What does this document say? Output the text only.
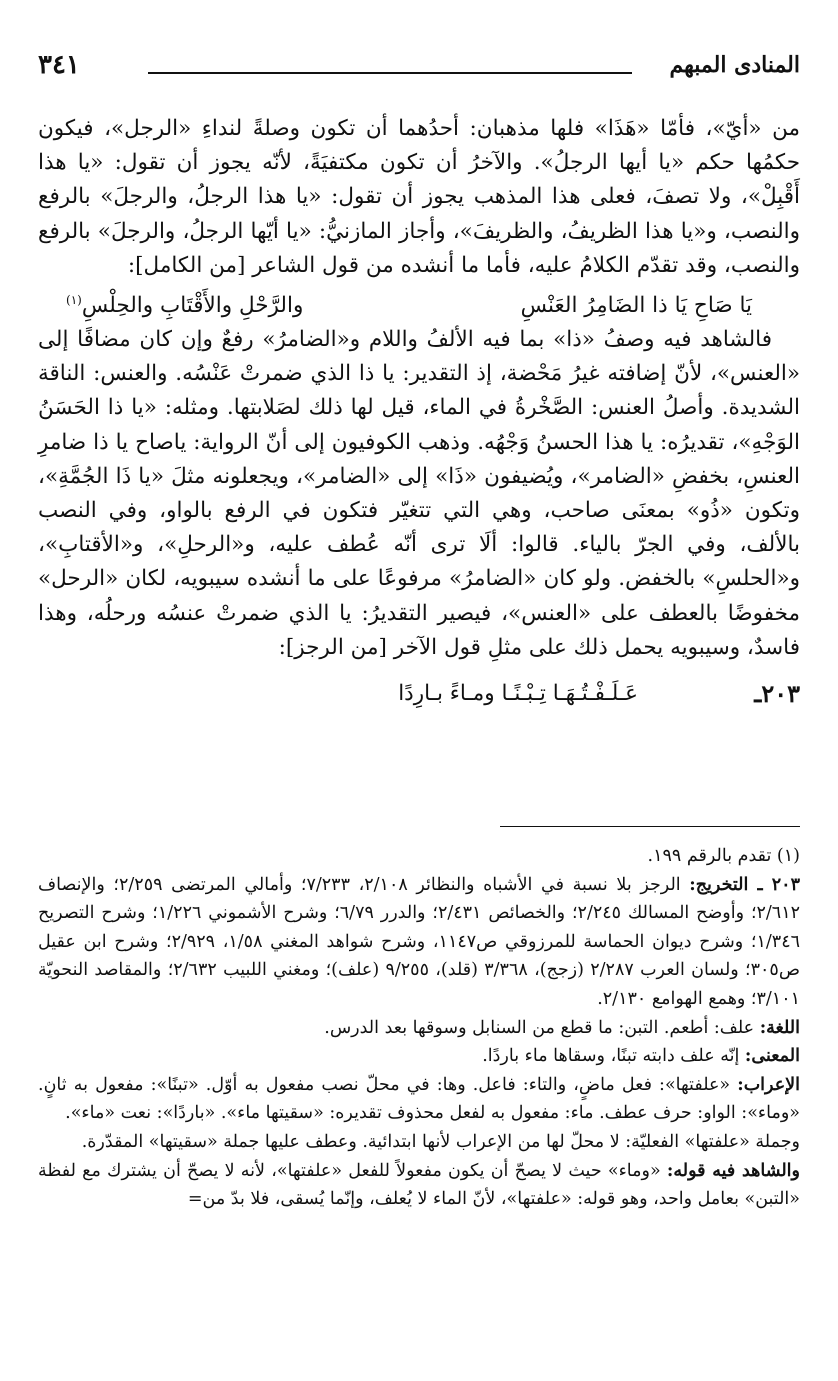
المنادى المبهم
٣٤١

من «أيّ»، فأمّا «هَذَا» فلها مذهبان: أحدُهما أن تكون وصلةً لنداءِ «الرجل»، فيكون حكمُها حكم «يا أيها الرجلُ». والآخرُ أن تكون مكتفيَةً، لأنّه يجوز أن تقول: «يا هذا أَقْبِلْ»، ولا تصفَ، فعلى هذا المذهب يجوز أن تقول: «يا هذا الرجلُ، والرجلَ» بالرفع والنصب، و«يا هذا الظريفُ، والظريفَ»، وأجاز المازنيُّ: «يا أيّها الرجلُ، والرجلَ» بالرفع والنصب، وقد تقدّم الكلامُ عليه، فأما ما أنشده من قول الشاعر [من الكامل]:

يَا صَاحِ يَا ذا الضَامِرُ العَنْسِ
والرَّحْلِ والأَقْتَابِ والحِلْسِ$^{(١)}$

فالشاهد فيه وصفُ «ذا» بما فيه الألفُ واللام و«الضامرُ» رفعٌ وإن كان مضافًا إلى «العنس»، لأنّ إضافته غيرُ مَحْضة، إذ التقدير: يا ذا الذي ضمرتْ عَنْسُه. والعنس: الناقة الشديدة. وأصلُ العنس: الصَّخْرةُ في الماء، قيل لها ذلك لصَلابتها. ومثله: «يا ذا الحَسَنُ الوَجْهِ»، تقديرُه: يا هذا الحسنُ وَجْهُه. وذهب الكوفيون إلى أنّ الرواية: ياصاح يا ذا ضامرِ العنسِ، بخفضِ «الضامر»، ويُضيفون «ذَا» إلى «الضامر»، ويجعلونه مثلَ «يا ذَا الجُمَّةِ»، وتكون «ذُو» بمعنَى صاحب، وهي التي تتغيّر فتكون في الرفع بالواو، وفي النصب بالألف، وفي الجرّ بالياء. قالوا: ألَا ترى أنّه عُطف عليه، و«الرحلِ»، و«الأقتابِ»، و«الحلسِ» بالخفض. ولو كان «الضامرُ» مرفوعًا على ما أنشده سيبويه، لكان «الرحل» مخفوضًا بالعطف على «العنس»، فيصير التقديرُ: يا الذي ضمرتْ عنسُه ورحلُه، وهذا فاسدٌ، وسيبويه يحمل ذلك على مثلِ قول الآخر [من الرجز]:

٢٠٣ـ
عَـلَـفْـتُـهَـا تِـبْـنًـا ومـاءً بـارِدًا

(١) تقدم بالرقم ١٩٩.

٢٠٣ ـ التخريج: الرجز بلا نسبة في الأشباه والنظائر ٢/١٠٨، ٧/٢٣٣؛ وأمالي المرتضى ٢/٢٥٩؛ والإنصاف ٢/٦١٢؛ وأوضح المسالك ٢/٢٤٥؛ والخصائص ٢/٤٣١؛ والدرر ٦/٧٩؛ وشرح الأشموني ١/٢٢٦؛ وشرح التصريح ١/٣٤٦؛ وشرح ديوان الحماسة للمرزوقي ص١١٤٧، وشرح شواهد المغني ١/٥٨، ٢/٩٢٩؛ وشرح ابن عقيل ص٣٠٥؛ ولسان العرب ٢/٢٨٧ (زجج)، ٣/٣٦٨ (قلد)، ٩/٢٥٥ (علف)؛ ومغني اللبيب ٢/٦٣٢؛ والمقاصد النحويّة ٣/١٠١؛ وهمع الهوامع ٢/١٣٠.

اللغة: علف: أطعم. التبن: ما قطع من السنابل وسوقها بعد الدرس.

المعنى: إنّه علف دابته تبنًا، وسقاها ماء باردًا.

الإعراب: «علفتها»: فعل ماضٍ، والتاء: فاعل. وها: في محلّ نصب مفعول به أوّل. «تبنًا»: مفعول به ثانٍ. «وماء»: الواو: حرف عطف. ماء: مفعول به لفعل محذوف تقديره: «سقيتها ماء». «باردًا»: نعت «ماء».

وجملة «علفتها» الفعليّة: لا محلّ لها من الإعراب لأنها ابتدائية. وعطف عليها جملة «سقيتها» المقدّرة.

والشاهد فيه قوله: «وماء» حيث لا يصحّ أن يكون مفعولاً للفعل «علفتها»، لأنه لا يصحّ أن يشترك مع لفظة «التبن» بعامل واحد، وهو قوله: «علفتها»، لأنّ الماء لا يُعلف، وإنّما يُسقى، فلا بدّ من=
